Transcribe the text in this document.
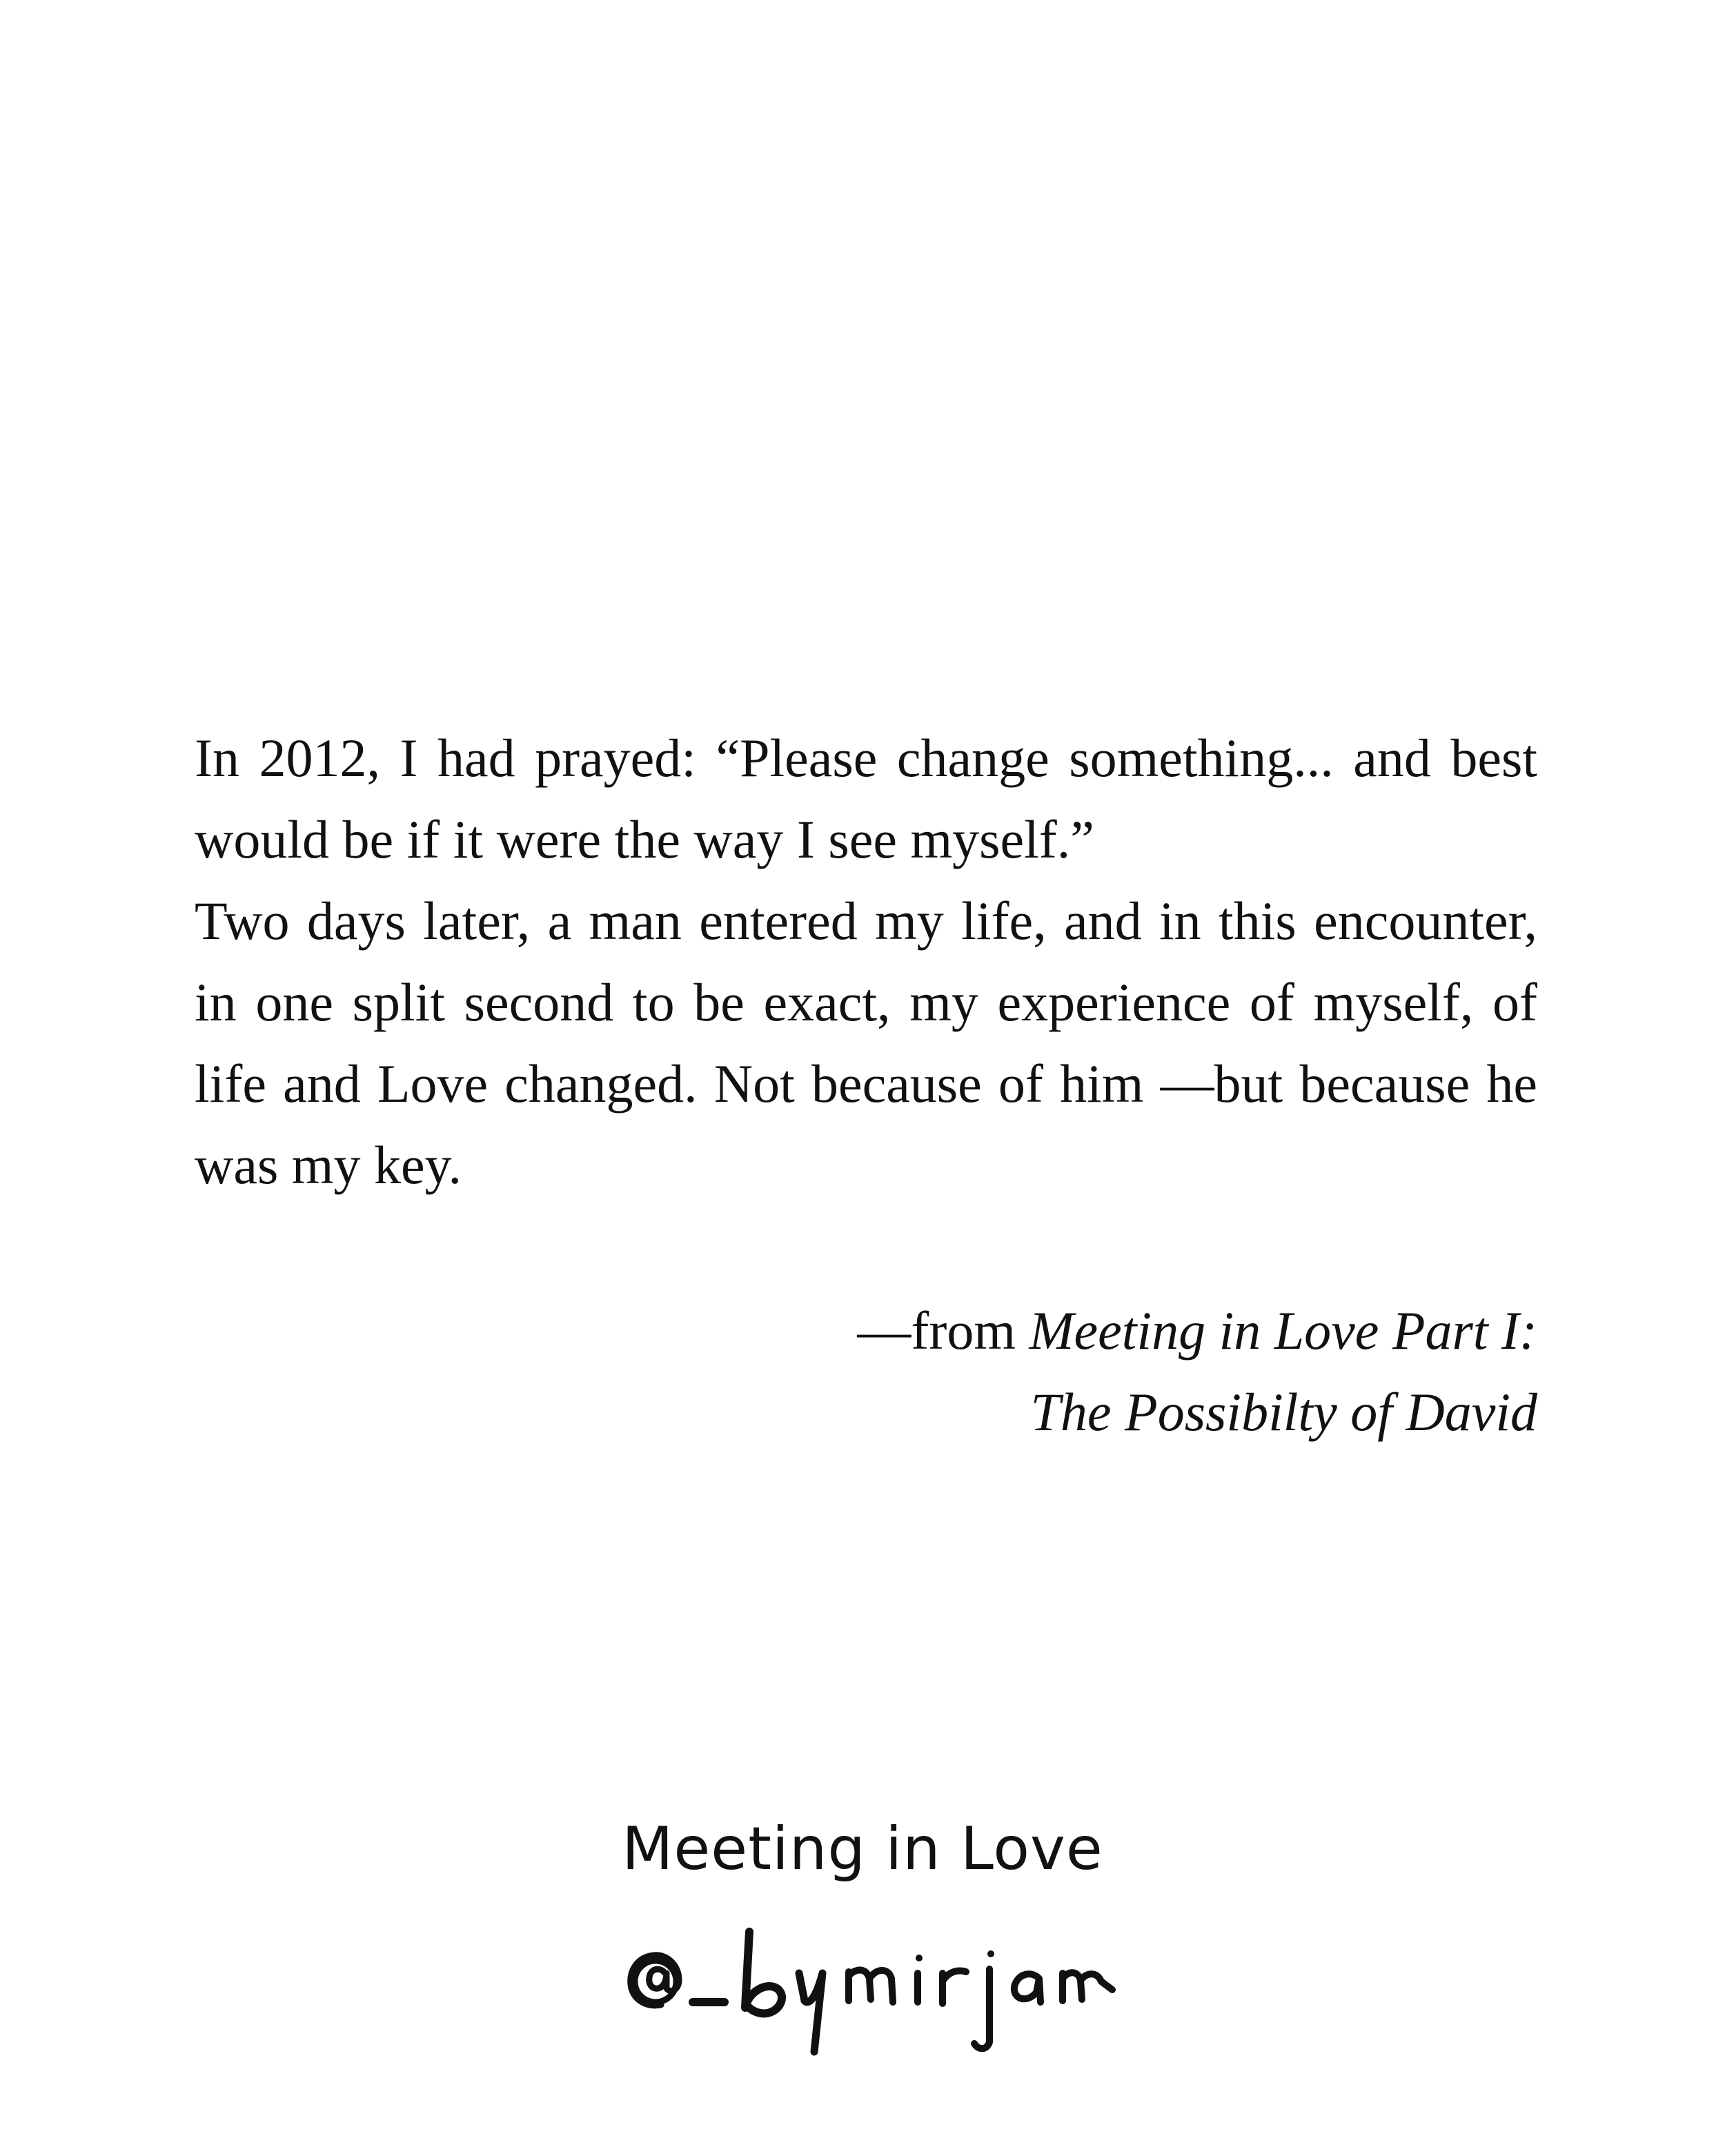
In 2012, I had prayed: “Please change something... and best would be if it were the way I see myself.”

Two days later, a man entered my life, and in this encounter, in one split second to be exact, my experience of myself, of life and Love changed. Not because of him —but because he was my key.

—from Meeting in Love Part I:
The Possibilty of David
Meeting in Love
